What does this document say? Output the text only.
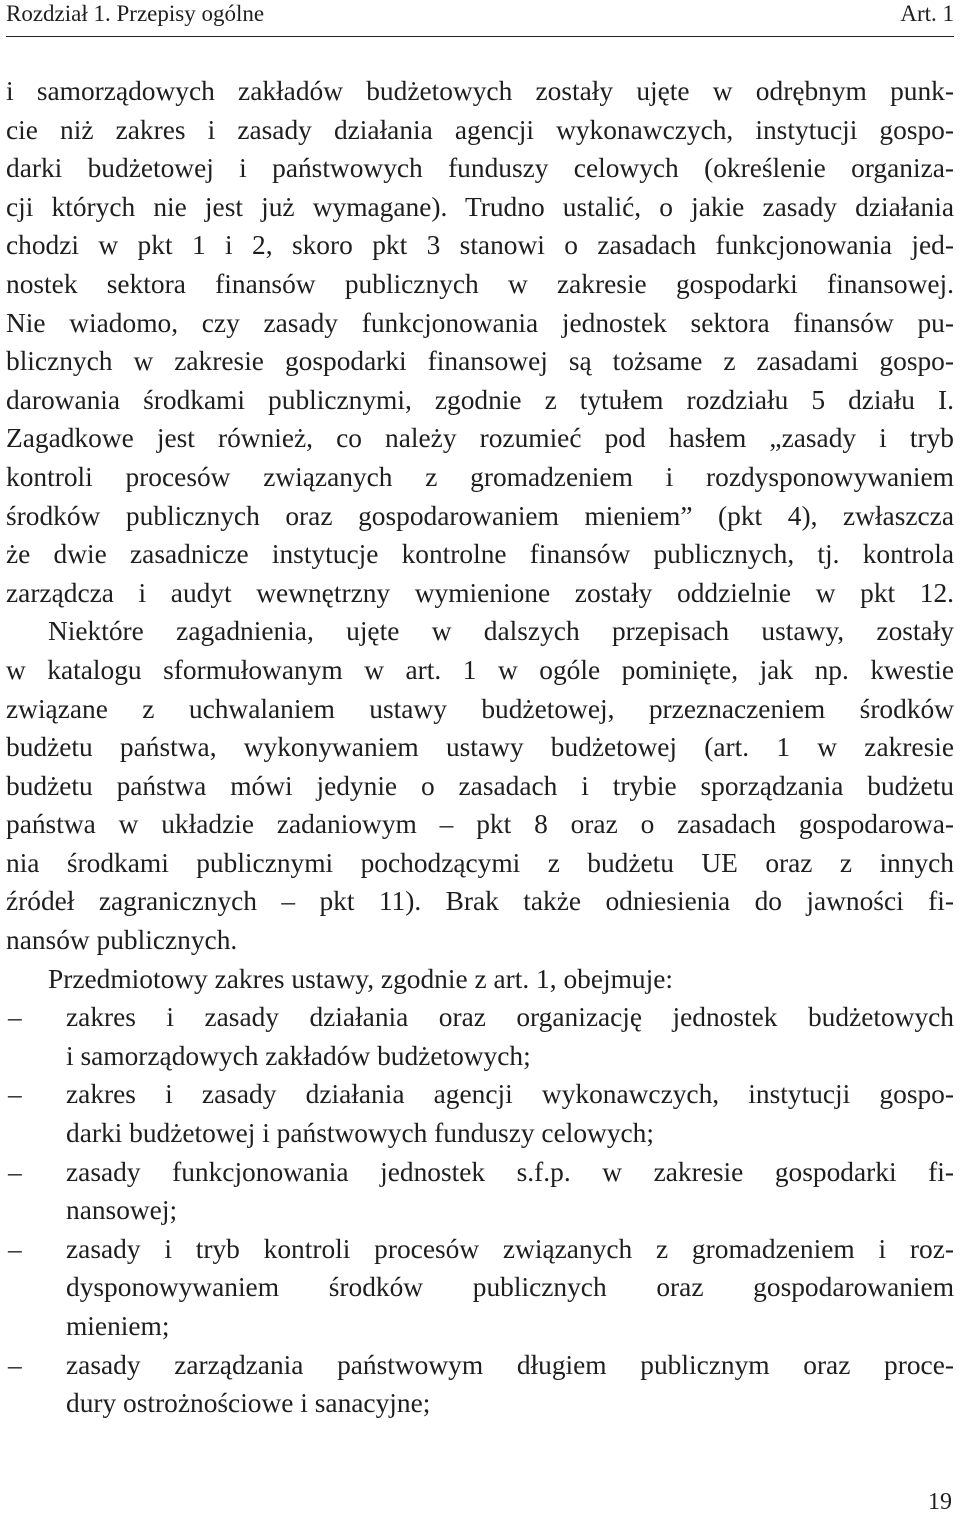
Rozdział 1. Przepisy ogólne	Art. 1
i samorządowych zakładów budżetowych zostały ujęte w odrębnym punk-
cie niż zakres i zasady działania agencji wykonawczych, instytucji gospo-
darki budżetowej i państwowych funduszy celowych (określenie organiza-
cji których nie jest już wymagane). Trudno ustalić, o jakie zasady działania
chodzi w pkt 1 i 2, skoro pkt 3 stanowi o zasadach funkcjonowania jed-
nostek sektora finansów publicznych w zakresie gospodarki finansowej.
Nie wiadomo, czy zasady funkcjonowania jednostek sektora finansów pu-
blicznych w zakresie gospodarki finansowej są tożsame z zasadami gospo-
darowania środkami publicznymi, zgodnie z tytułem rozdziału 5 działu I.
Zagadkowe jest również, co należy rozumieć pod hasłem „zasady i tryb
kontroli procesów związanych z gromadzeniem i rozdysponowywaniem
środków publicznych oraz gospodarowaniem mieniem” (pkt 4), zwłaszcza
że dwie zasadnicze instytucje kontrolne finansów publicznych, tj. kontrola
zarządcza i audyt wewnętrzny wymienione zostały oddzielnie w pkt 12.
Niektóre zagadnienia, ujęte w dalszych przepisach ustawy, zostały
w katalogu sformułowanym w art. 1 w ogóle pominięte, jak np. kwestie
związane z uchwalaniem ustawy budżetowej, przeznaczeniem środków
budżetu państwa, wykonywaniem ustawy budżetowej (art. 1 w zakresie
budżetu państwa mówi jedynie o zasadach i trybie sporządzania budżetu
państwa w układzie zadaniowym – pkt 8 oraz o zasadach gospodarowa-
nia środkami publicznymi pochodzącymi z budżetu UE oraz z innych
źródeł zagranicznych – pkt 11). Brak także odniesienia do jawności fi-
nansów publicznych.
Przedmiotowy zakres ustawy, zgodnie z art. 1, obejmuje:
– zakres i zasady działania oraz organizację jednostek budżetowych
i samorządowych zakładów budżetowych;
– zakres i zasady działania agencji wykonawczych, instytucji gospo-
darki budżetowej i państwowych funduszy celowych;
– zasady funkcjonowania jednostek s.f.p. w zakresie gospodarki fi-
nansowej;
– zasady i tryb kontroli procesów związanych z gromadzeniem i roz-
dysponowywaniem środków publicznych oraz gospodarowaniem
mieniem;
– zasady zarządzania państwowym długiem publicznym oraz proce-
dury ostrożnościowe i sanacyjne;
19
